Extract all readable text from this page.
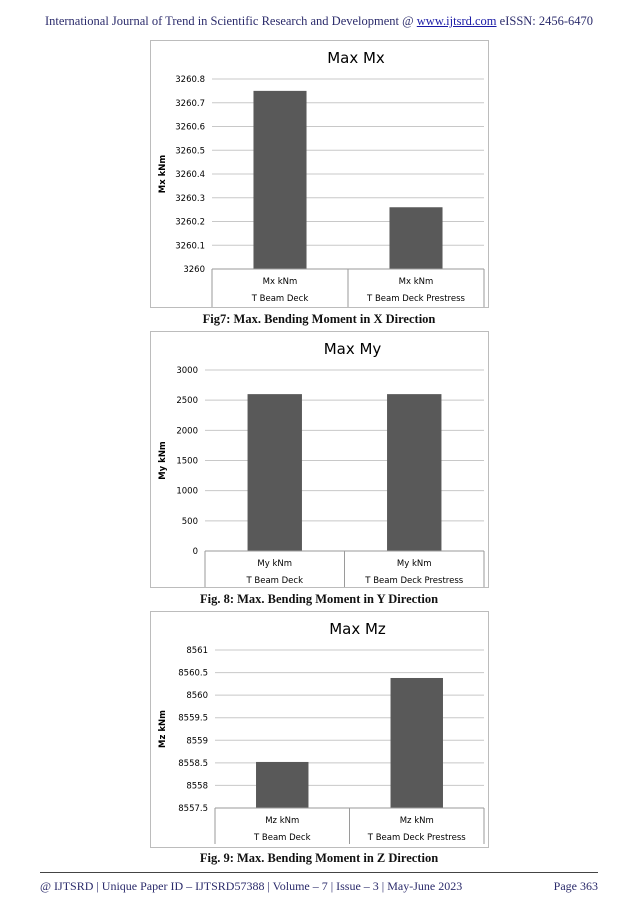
International Journal of Trend in Scientific Research and Development @ www.ijtsrd.com eISSN: 2456-6470
Max Mx
3260
3260.1
3260.2
3260.3
3260.4
3260.5
3260.6
3260.7
3260.8
Mx kNm
Mx kNm	Mx kNm
T Beam Deck	T Beam Deck Prestress
Fig7: Max. Bending Moment in X Direction
Max My
0
500
1000
1500
2000
2500
3000
My kNm
My kNm	My kNm
T Beam Deck	T Beam Deck Prestress
Fig. 8: Max. Bending Moment in Y Direction
Max Mz
8557.5
8558
8558.5
8559
8559.5
8560
8560.5
8561
Mz kNm
Mz kNm	Mz kNm
T Beam Deck	T Beam Deck Prestress
Fig. 9: Max. Bending Moment in Z Direction
@ IJTSRD | Unique Paper ID – IJTSRD57388 | Volume – 7 | Issue – 3 | May-June 2023	Page 363
